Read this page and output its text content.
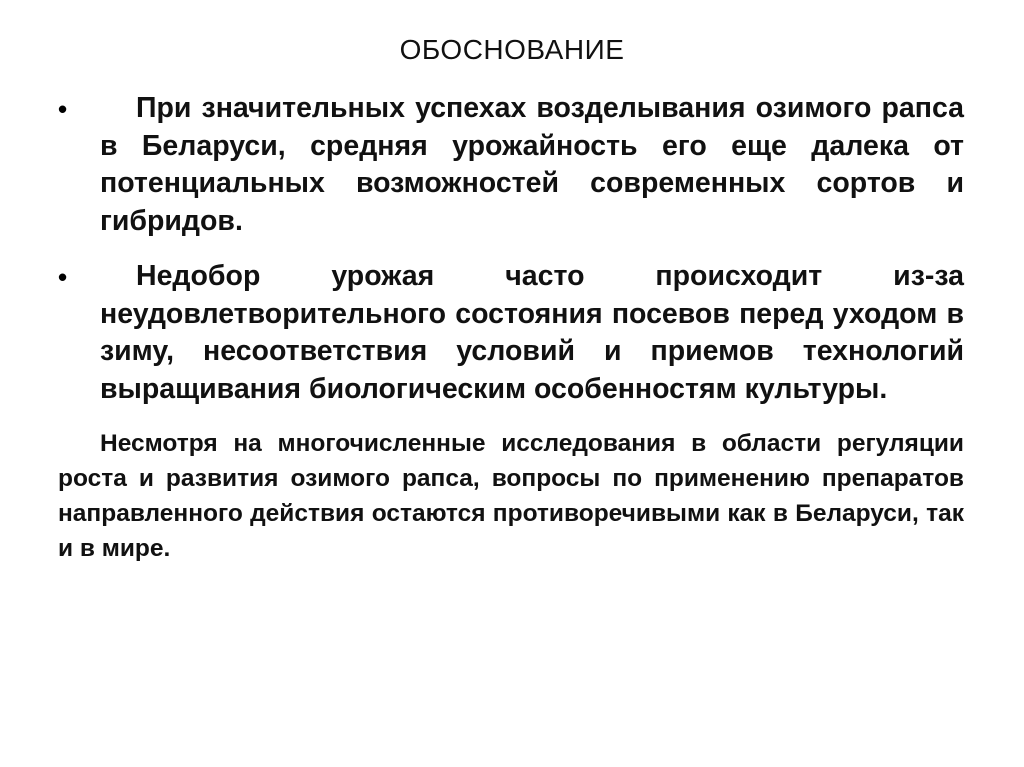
ОБОСНОВАНИЕ
•	При значительных успехах возделывания озимого рапса в Беларуси, средняя урожайность его еще далека от потенциальных возможностей современных сортов и гибридов.
•	Недобор урожая часто происходит из-за неудовлетворительного состояния посевов перед уходом в зиму, несоответствия условий и приемов технологий выращивания биологическим особенностям культуры.
Несмотря на многочисленные исследования в области регуляции роста и развития озимого рапса, вопросы по применению препаратов направленного действия остаются противоречивыми как в Беларуси, так и в мире.
